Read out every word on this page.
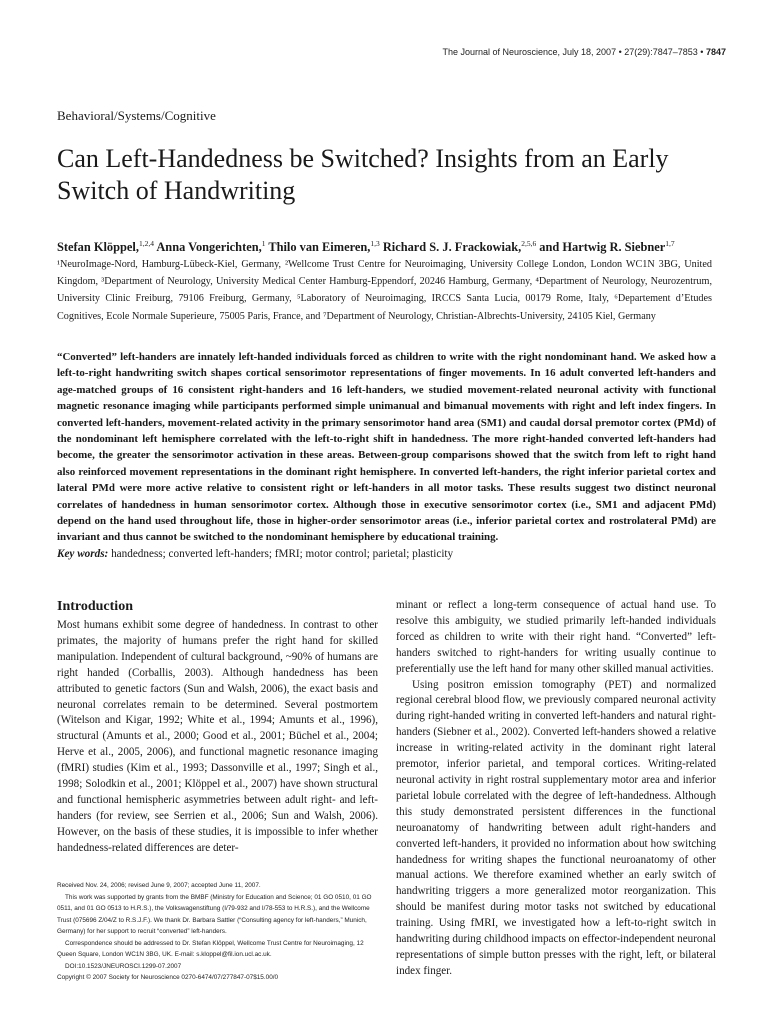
The Journal of Neuroscience, July 18, 2007 • 27(29):7847–7853 • 7847
Behavioral/Systems/Cognitive
Can Left-Handedness be Switched? Insights from an Early Switch of Handwriting
Stefan Klöppel,$^{1,2,4}$ Anna Vongerichten,$^1$ Thilo van Eimeren,$^{1,3}$ Richard S. J. Frackowiak,$^{2,5,6}$ and Hartwig R. Siebner$^{1,7}$
¹NeuroImage-Nord, Hamburg-Lübeck-Kiel, Germany, ²Wellcome Trust Centre for Neuroimaging, University College London, London WC1N 3BG, United Kingdom, ³Department of Neurology, University Medical Center Hamburg-Eppendorf, 20246 Hamburg, Germany, ⁴Department of Neurology, Neurozentrum, University Clinic Freiburg, 79106 Freiburg, Germany, ⁵Laboratory of Neuroimaging, IRCCS Santa Lucia, 00179 Rome, Italy, ⁶Departement d’Etudes Cognitives, Ecole Normale Superieure, 75005 Paris, France, and ⁷Department of Neurology, Christian-Albrechts-University, 24105 Kiel, Germany
“Converted” left-handers are innately left-handed individuals forced as children to write with the right nondominant hand. We asked how a left-to-right handwriting switch shapes cortical sensorimotor representations of finger movements. In 16 adult converted left-handers and age-matched groups of 16 consistent right-handers and 16 left-handers, we studied movement-related neuronal activity with functional magnetic resonance imaging while participants performed simple unimanual and bimanual movements with right and left index fingers. In converted left-handers, movement-related activity in the primary sensorimotor hand area (SM1) and caudal dorsal premotor cortex (PMd) of the nondominant left hemisphere correlated with the left-to-right shift in handedness. The more right-handed converted left-handers had become, the greater the sensorimotor activation in these areas. Between-group comparisons showed that the switch from left to right hand also reinforced movement representations in the dominant right hemisphere. In converted left-handers, the right inferior parietal cortex and lateral PMd were more active relative to consistent right or left-handers in all motor tasks. These results suggest two distinct neuronal correlates of handedness in human sensorimotor cortex. Although those in executive sensorimotor cortex (i.e., SM1 and adjacent PMd) depend on the hand used throughout life, those in higher-order sensorimotor areas (i.e., inferior parietal cortex and rostrolateral PMd) are invariant and thus cannot be switched to the nondominant hemisphere by educational training.
Key words: handedness; converted left-handers; fMRI; motor control; parietal; plasticity
Introduction

Most humans exhibit some degree of handedness. In contrast to other primates, the majority of humans prefer the right hand for skilled manipulation. Independent of cultural background, ~90% of humans are right handed (Corballis, 2003). Although handedness has been attributed to genetic factors (Sun and Walsh, 2006), the exact basis and neuronal correlates remain to be determined. Several postmortem (Witelson and Kigar, 1992; White et al., 1994; Amunts et al., 1996), structural (Amunts et al., 2000; Good et al., 2001; Büchel et al., 2004; Herve et al., 2005, 2006), and functional magnetic resonance imaging (fMRI) studies (Kim et al., 1993; Dassonville et al., 1997; Singh et al., 1998; Solodkin et al., 2001; Klöppel et al., 2007) have shown structural and functional hemispheric asymmetries between adult right- and left-handers (for review, see Serrien et al., 2006; Sun and Walsh, 2006). However, on the basis of these studies, it is impossible to infer whether handedness-related differences are deter-

minant or reflect a long-term consequence of actual hand use. To resolve this ambiguity, we studied primarily left-handed individuals forced as children to write with their right hand. “Converted” left-handers switched to right-handers for writing usually continue to preferentially use the left hand for many other skilled manual activities.

Using positron emission tomography (PET) and normalized regional cerebral blood flow, we previously compared neuronal activity during right-handed writing in converted left-handers and natural right-handers (Siebner et al., 2002). Converted left-handers showed a relative increase in writing-related activity in the dominant right lateral premotor, inferior parietal, and temporal cortices. Writing-related neuronal activity in right rostral supplementary motor area and inferior parietal lobule correlated with the degree of left-handedness. Although this study demonstrated persistent differences in the functional neuroanatomy of handwriting between adult right-handers and converted left-handers, it provided no information about how switching handedness for writing shapes the functional neuroanatomy of other manual actions. We therefore examined whether an early switch of handwriting triggers a more generalized motor reorganization. This should be manifest during motor tasks not switched by educational training. Using fMRI, we investigated how a left-to-right switch in handwriting during childhood impacts on effector-independent neuronal representations of simple button presses with the right, left, or bilateral index finger.

Received Nov. 24, 2006; revised June 9, 2007; accepted June 11, 2007.

This work was supported by grants from the BMBF (Ministry for Education and Science; 01 GO 0510, 01 GO 0511, and 01 GO 0513 to H.R.S.), the Volkswagenstiftung (I/79-932 and I/78-553 to H.R.S.), and the Wellcome Trust (075696 Z/04/Z to R.S.J.F.). We thank Dr. Barbara Sattler (“Consulting agency for left-handers,” Munich, Germany) for her support to recruit “converted” left-handers.

Correspondence should be addressed to Dr. Stefan Klöppel, Wellcome Trust Centre for Neuroimaging, 12 Queen Square, London WC1N 3BG, UK. E-mail: s.kloppel@fil.ion.ucl.ac.uk.

DOI:10.1523/JNEUROSCI.1299-07.2007

Copyright © 2007 Society for Neuroscience 0270-6474/07/277847-07$15.00/0
